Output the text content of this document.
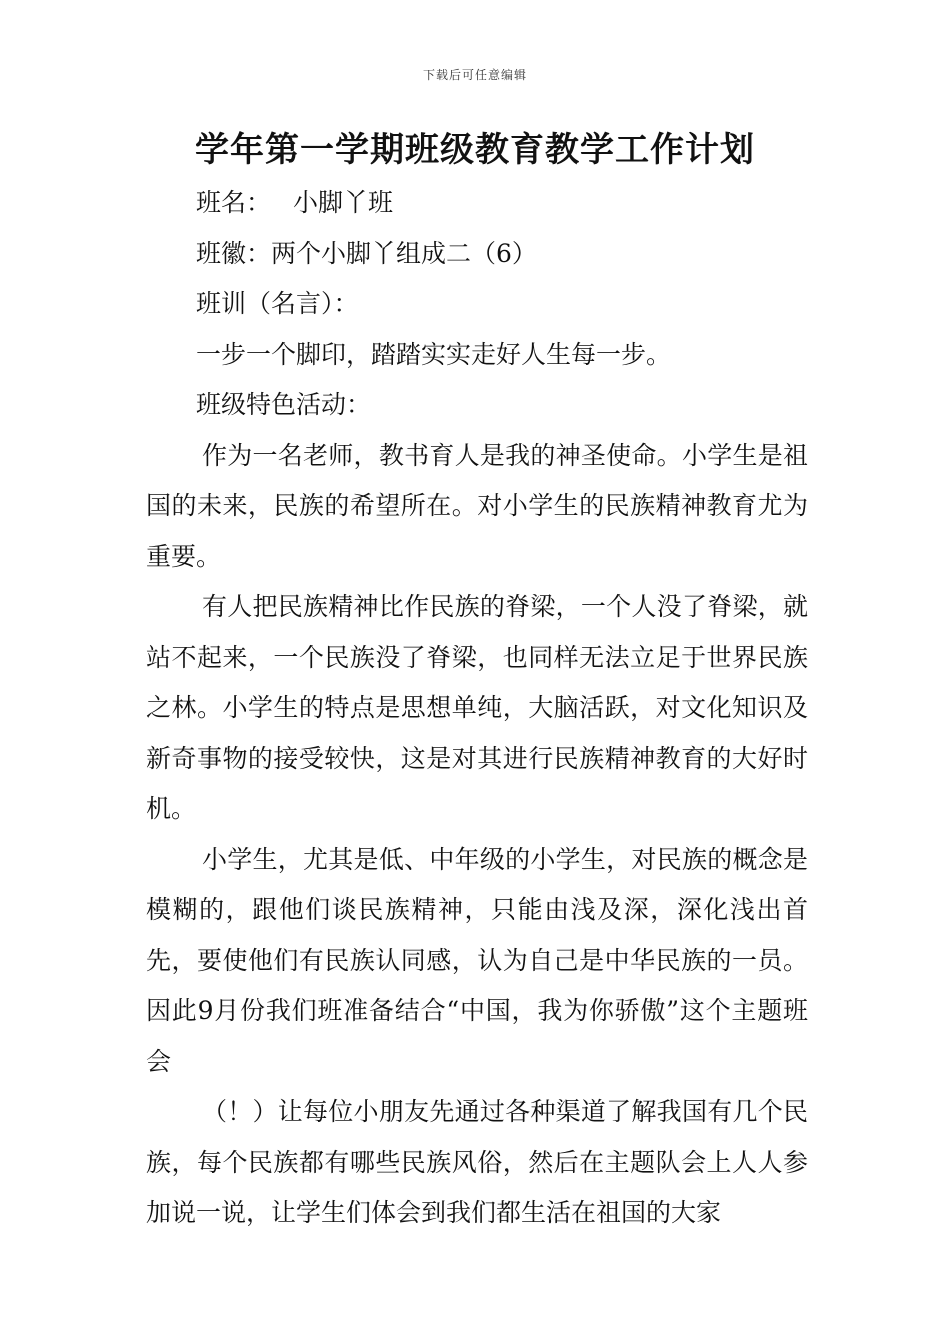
下载后可任意编辑
学年第一学期班级教育教学工作计划

班名： 小脚丫班

班徽：两个小脚丫组成二（6）

班训（名言）：

一步一个脚印，踏踏实实走好人生每一步。

班级特色活动：

作为一名老师，教书育人是我的神圣使命。小学生是祖国的未来，民族的希望所在。对小学生的民族精神教育尤为重要。

有人把民族精神比作民族的脊梁，一个人没了脊梁，就站不起来，一个民族没了脊梁，也同样无法立足于世界民族之林。小学生的特点是思想单纯，大脑活跃，对文化知识及新奇事物的接受较快，这是对其进行民族精神教育的大好时机。

小学生，尤其是低、中年级的小学生，对民族的概念是模糊的，跟他们谈民族精神，只能由浅及深，深化浅出首先，要使他们有民族认同感，认为自己是中华民族的一员。因此9月份我们班准备结合“中国，我为你骄傲”这个主题班会

（！）让每位小朋友先通过各种渠道了解我国有几个民族，每个民族都有哪些民族风俗，然后在主题队会上人人参加说一说，让学生们体会到我们都生活在祖国的大家
